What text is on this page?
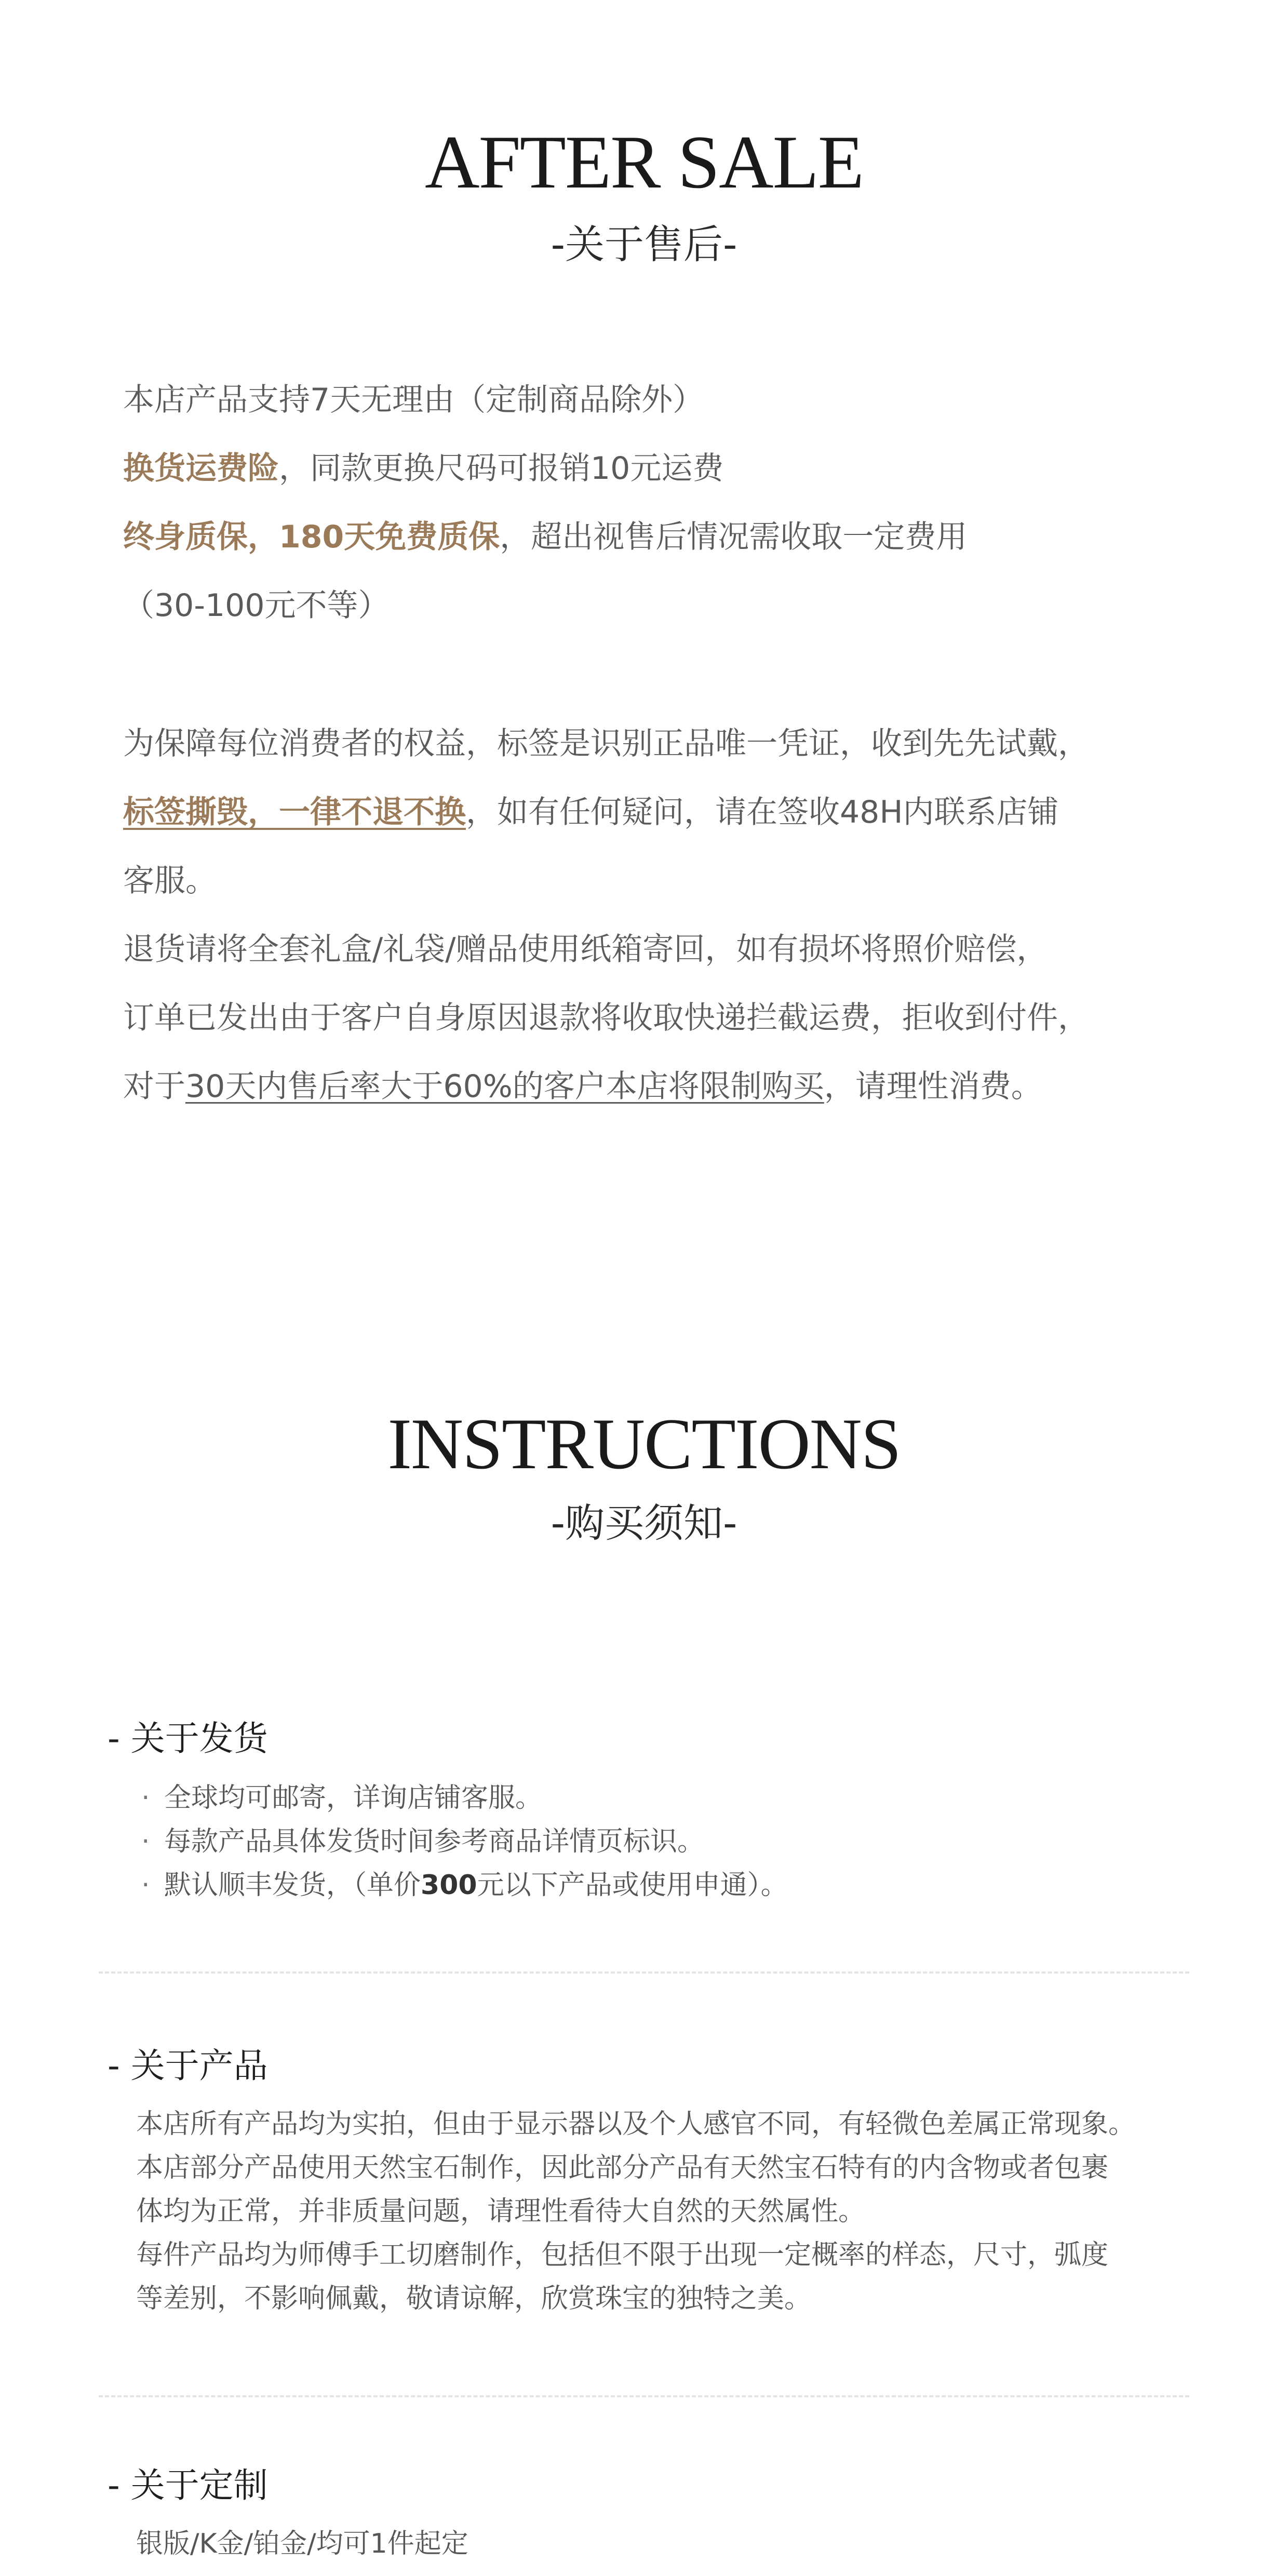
AFTER SALE
-关于售后-
本店产品支持7天无理由（定制商品除外）
换货运费险，同款更换尺码可报销10元运费
终身质保，180天免费质保，超出视售后情况需收取一定费用
（30-100元不等）
为保障每位消费者的权益，标签是识别正品唯一凭证，收到先先试戴，
标签撕毁，一律不退不换，如有任何疑问，请在签收48H内联系店铺
客服。
退货请将全套礼盒/礼袋/赠品使用纸箱寄回，如有损坏将照价赔偿，
订单已发出由于客户自身原因退款将收取快递拦截运费，拒收到付件，
对于30天内售后率大于60%的客户本店将限制购买，请理性消费。
INSTRUCTIONS
-购买须知-
- 关于发货
· 全球均可邮寄，详询店铺客服。
· 每款产品具体发货时间参考商品详情页标识。
· 默认顺丰发货，（单价300元以下产品或使用申通）。
- 关于产品
本店所有产品均为实拍，但由于显示器以及个人感官不同，有轻微色差属正常现象。
本店部分产品使用天然宝石制作，因此部分产品有天然宝石特有的内含物或者包裹
体均为正常，并非质量问题，请理性看待大自然的天然属性。
每件产品均为师傅手工切磨制作，包括但不限于出现一定概率的样态，尺寸，弧度
等差别，不影响佩戴，敬请谅解，欣赏珠宝的独特之美。
- 关于定制
银版/K金/铂金/均可1件起定
